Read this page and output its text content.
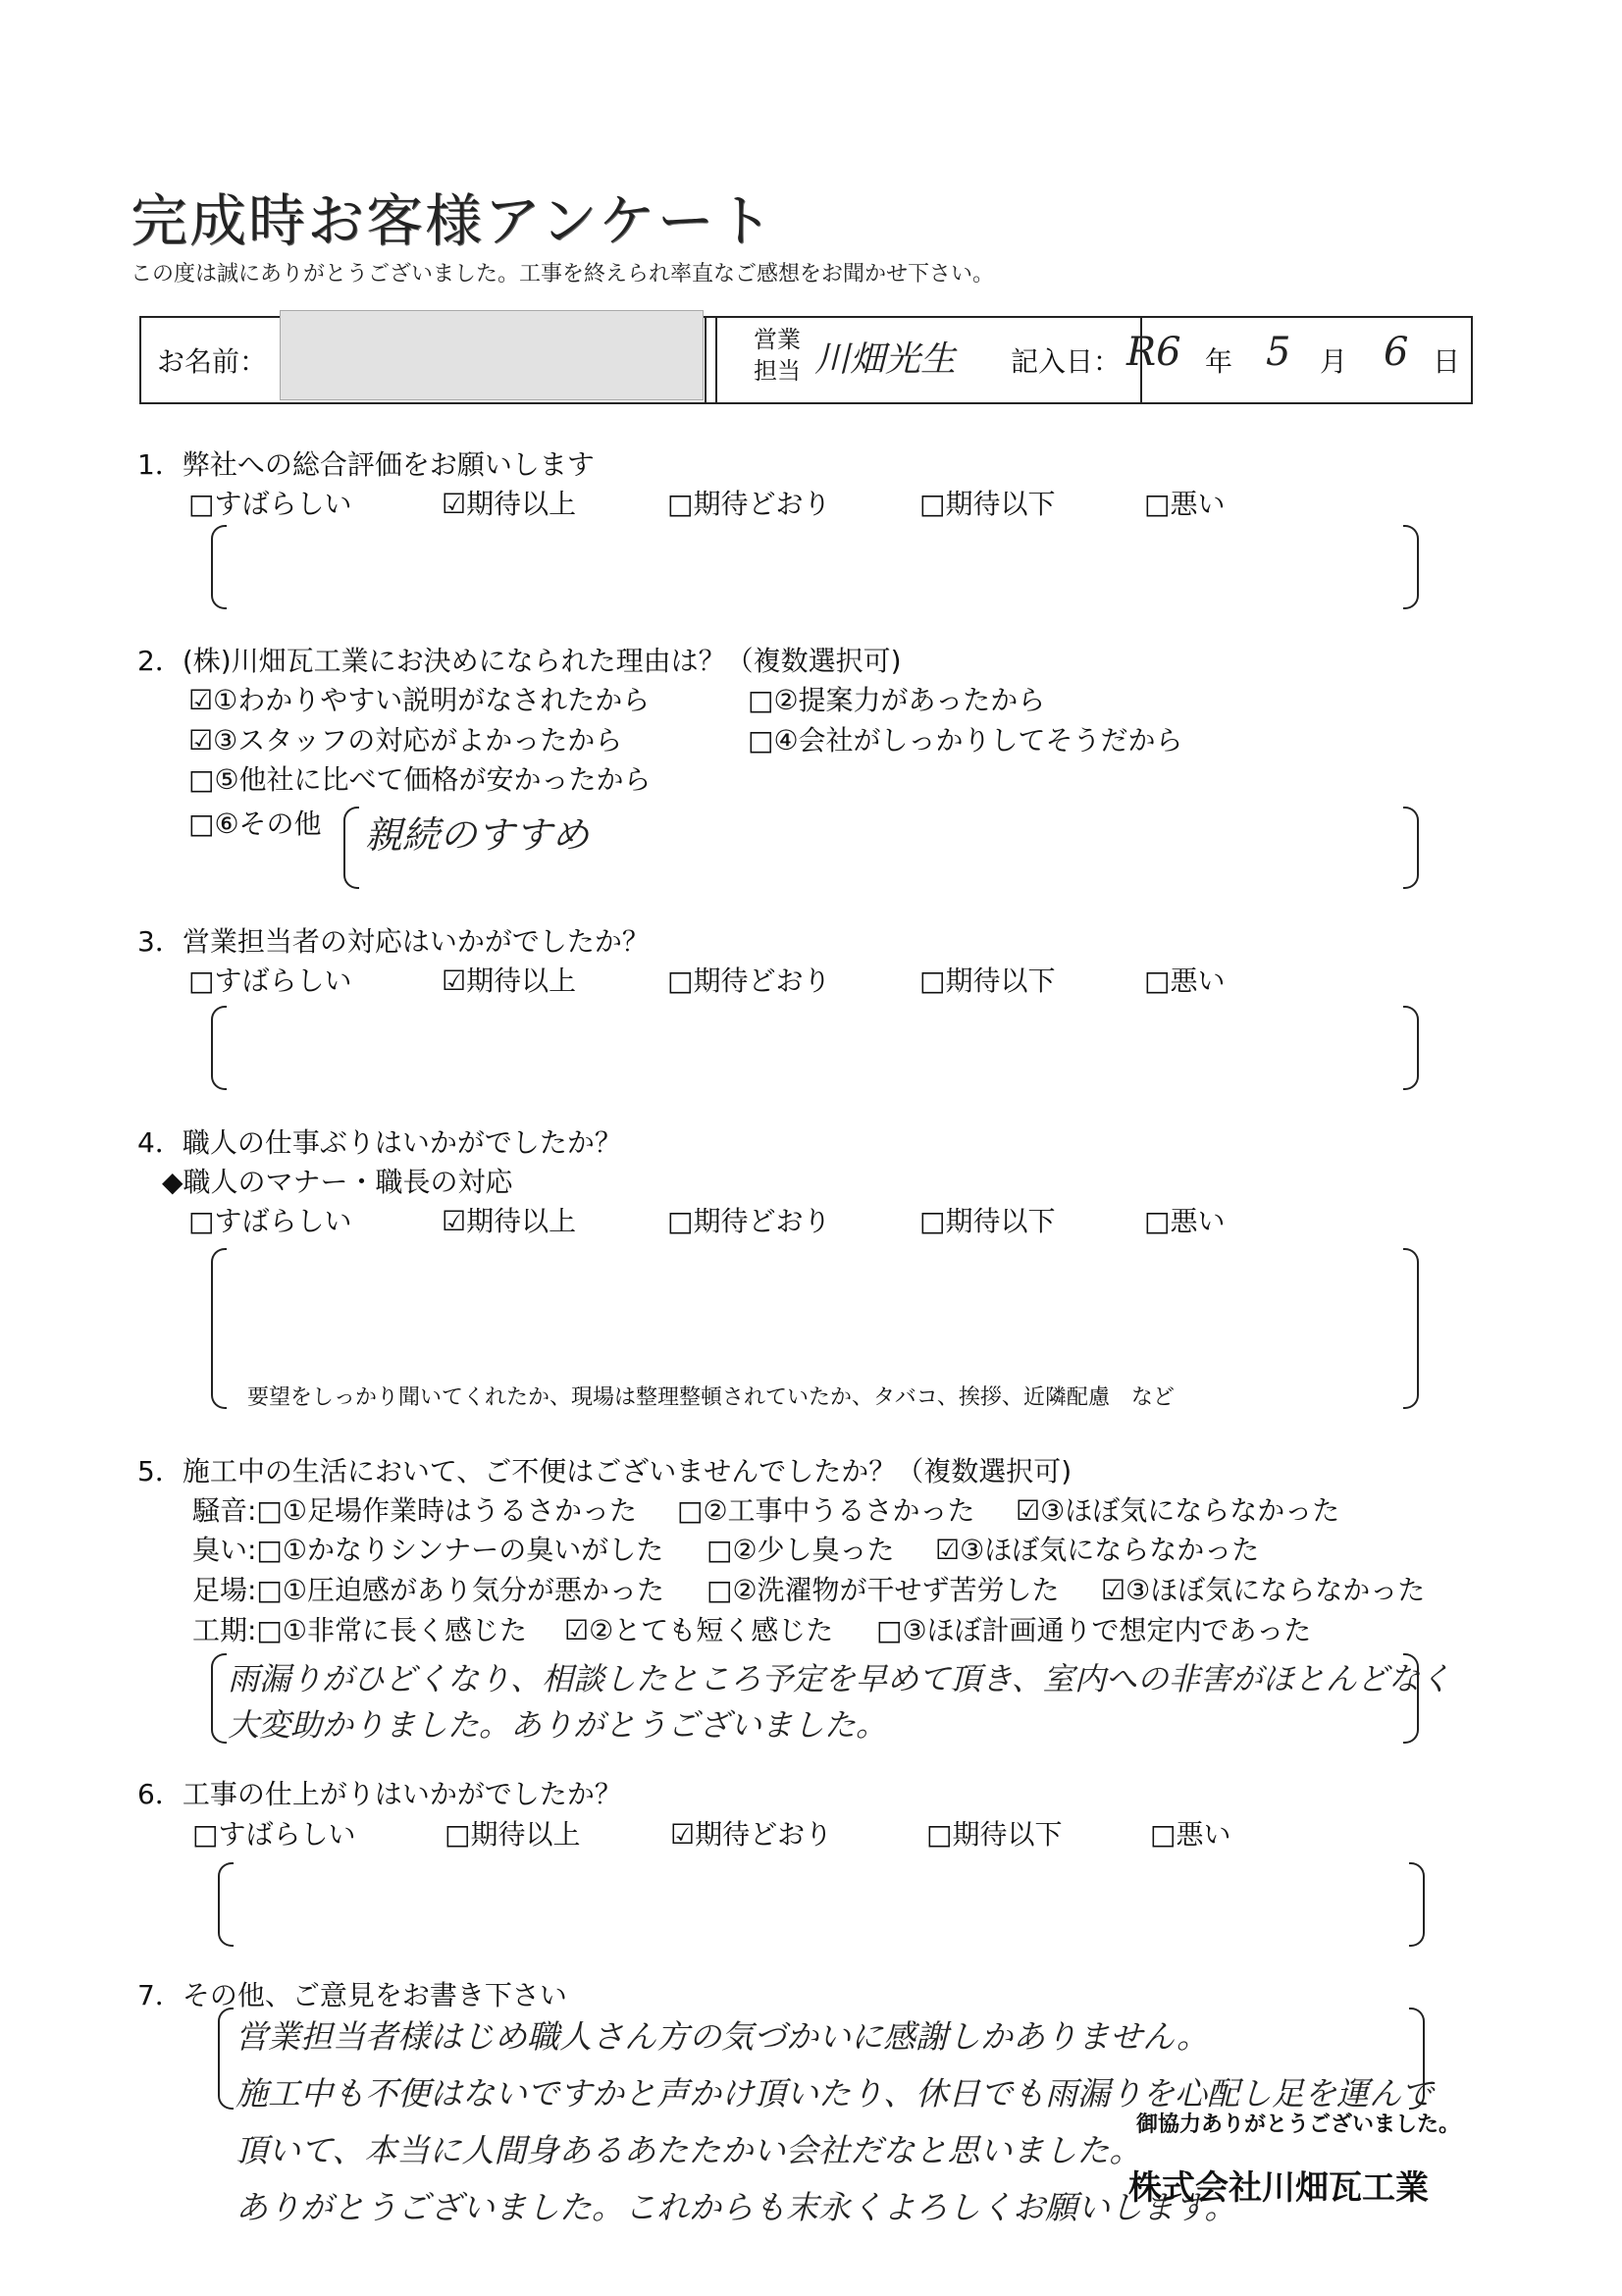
完成時お客様アンケート
この度は誠にありがとうございました。工事を終えられ率直なご感想をお聞かせ下さい。
お名前：
営業
担当 川畑光生 記入日： R6 年 5 月 6 日
1．弊社への総合評価をお願いします
□すばらしい	☑期待以上	□期待どおり	□期待以下	□悪い
2．(株)川畑瓦工業にお決めになられた理由は？（複数選択可)
☑①わかりやすい説明がなされたから	□②提案力があったから
☑③スタッフの対応がよかったから	□④会社がしっかりしてそうだから
□⑤他社に比べて価格が安かったから
□⑥その他 親続のすすめ
3．営業担当者の対応はいかがでしたか？
□すばらしい	☑期待以上	□期待どおり	□期待以下	□悪い
4．職人の仕事ぶりはいかがでしたか？
◆職人のマナー・職長の対応
□すばらしい	☑期待以上	□期待どおり	□期待以下	□悪い
要望をしっかり聞いてくれたか、現場は整理整頓されていたか、タバコ、挨拶、近隣配慮　など
5．施工中の生活において、ご不便はございませんでしたか？（複数選択可)
騒音:□①足場作業時はうるさかった □②工事中うるさかった ☑③ほぼ気にならなかった
臭い:□①かなりシンナーの臭いがした □②少し臭った ☑③ほぼ気にならなかった
足場:□①圧迫感があり気分が悪かった □②洗濯物が干せず苦労した ☑③ほぼ気にならなかった
工期:□①非常に長く感じた ☑②とても短く感じた □③ほぼ計画通りで想定内であった
雨漏りがひどくなり、相談したところ予定を早めて頂き、室内への非害がほとんどなく
大変助かりました。ありがとうございました。
6．工事の仕上がりはいかがでしたか？
□すばらしい	□期待以上	☑期待どおり	□期待以下	□悪い
7．その他、ご意見をお書き下さい
営業担当者様はじめ職人さん方の気づかいに感謝しかありません。
施工中も不便はないですかと声かけ頂いたり、休日でも雨漏りを心配し足を運んで
頂いて、本当に人間身あるあたたかい会社だなと思いました。
ありがとうございました。これからも末永くよろしくお願いします。
御協力ありがとうございました。
株式会社川畑瓦工業
